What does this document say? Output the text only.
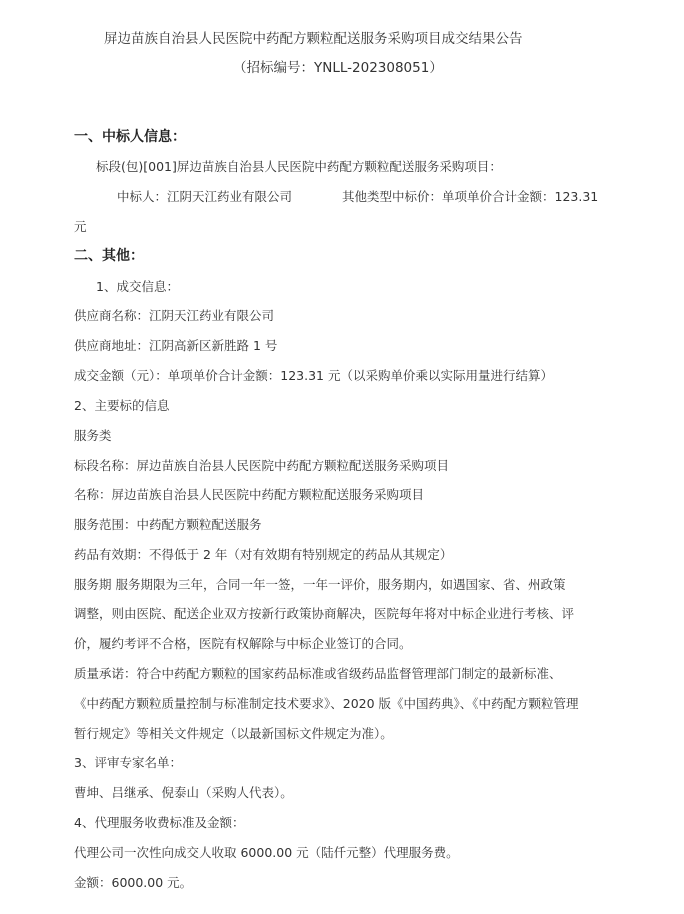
屏边苗族自治县人民医院中药配方颗粒配送服务采购项目成交结果公告
（招标编号：YNLL-202308051）
一、中标人信息：
标段(包)[001]屏边苗族自治县人民医院中药配方颗粒配送服务采购项目：
中标人：江阴天江药业有限公司	其他类型中标价：单项单价合计金额：123.31
元
二、其他：
1、成交信息：
供应商名称：江阴天江药业有限公司
供应商地址：江阴高新区新胜路 1 号
成交金额（元）：单项单价合计金额：123.31 元（以采购单价乘以实际用量进行结算）
2、主要标的信息
服务类
标段名称：屏边苗族自治县人民医院中药配方颗粒配送服务采购项目
名称：屏边苗族自治县人民医院中药配方颗粒配送服务采购项目
服务范围：中药配方颗粒配送服务
药品有效期：不得低于 2 年（对有效期有特别规定的药品从其规定）
服务期 服务期限为三年，合同一年一签，一年一评价，服务期内，如遇国家、省、州政策
调整，则由医院、配送企业双方按新行政策协商解决，医院每年将对中标企业进行考核、评
价，履约考评不合格，医院有权解除与中标企业签订的合同。
质量承诺：符合中药配方颗粒的国家药品标准或省级药品监督管理部门制定的最新标准、
《中药配方颗粒质量控制与标准制定技术要求》、2020 版《中国药典》、《中药配方颗粒管理
暂行规定》等相关文件规定（以最新国标文件规定为准）。
3、评审专家名单：
曹坤、吕继承、倪泰山（采购人代表）。
4、代理服务收费标准及金额：
代理公司一次性向成交人收取 6000.00 元（陆仟元整）代理服务费。
金额：6000.00 元。
